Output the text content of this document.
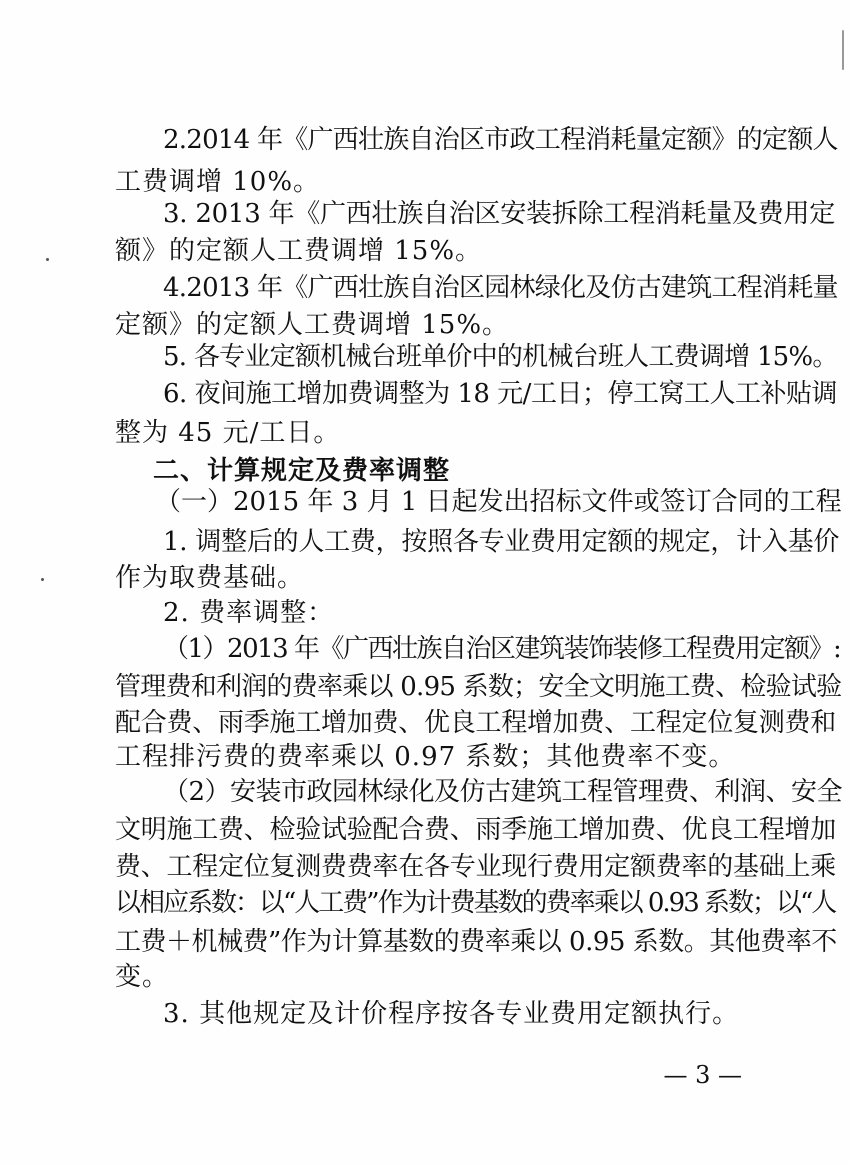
2.2014 年《广西壮族自治区市政工程消耗量定额》的定额人
工费调增 10%。
3. 2013 年《广西壮族自治区安装拆除工程消耗量及费用定
额》的定额人工费调增 15%。
4.2013 年《广西壮族自治区园林绿化及仿古建筑工程消耗量
定额》的定额人工费调增 15%。
5. 各专业定额机械台班单价中的机械台班人工费调增 15%。
6. 夜间施工增加费调整为 18 元/工日；停工窝工人工补贴调
整为 45 元/工日。
二、计算规定及费率调整
（一）2015 年 3 月 1 日起发出招标文件或签订合同的工程
1. 调整后的人工费，按照各专业费用定额的规定，计入基价
作为取费基础。
2. 费率调整：
（1）2013 年《广西壮族自治区建筑装饰装修工程费用定额》:
管理费和利润的费率乘以 0.95 系数；安全文明施工费、检验试验
配合费、雨季施工增加费、优良工程增加费、工程定位复测费和
工程排污费的费率乘以 0.97 系数；其他费率不变。
（2）安装市政园林绿化及仿古建筑工程管理费、利润、安全
文明施工费、检验试验配合费、雨季施工增加费、优良工程增加
费、工程定位复测费费率在各专业现行费用定额费率的基础上乘
以相应系数：以“人工费”作为计费基数的费率乘以 0.93 系数；以“人
工费＋机械费”作为计算基数的费率乘以 0.95 系数。其他费率不
变。
3. 其他规定及计价程序按各专业费用定额执行。
— 3 —
